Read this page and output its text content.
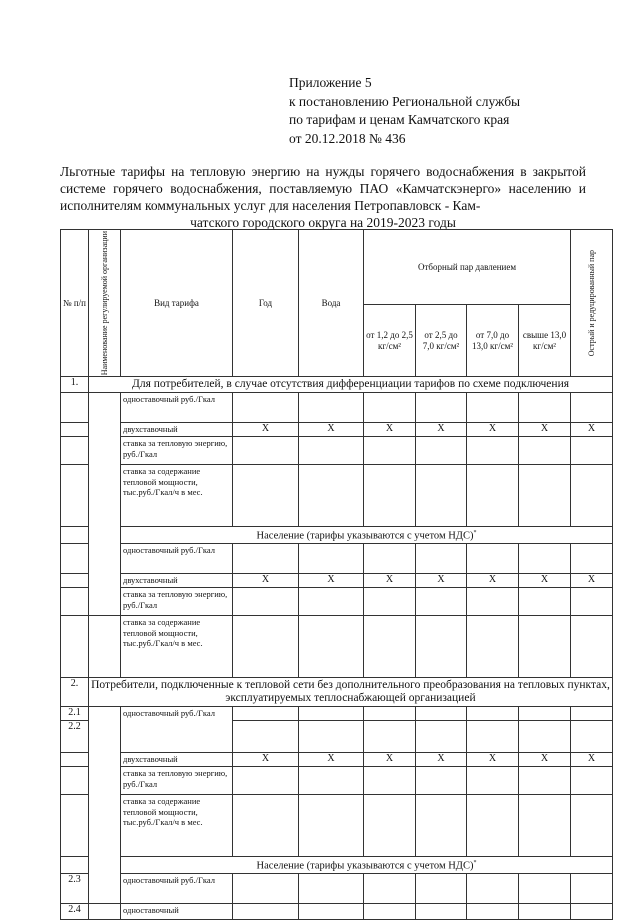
Приложение 5
к постановлению Региональной службы
по тарифам и ценам Камчатского края
от 20.12.2018 № 436
Льготные тарифы на тепловую энергию на нужды горячего водоснабжения в закрытой системе горячего водоснабжения, поставляемую ПАО «Камчатскэнерго» населению и исполнителям коммунальных услуг для населения Петропавловск - Кам-
чатского городского округа на 2019-2023 годы
№ п/п	Наименование регулируемой организации	Вид тарифа	Год	Вода	Отборный пар давлением				Острый и редуцированный пар

					от 1,2 до 2,5 кг/см²	от 2,5 до 7,0 кг/см²	от 7,0 до 13,0 кг/см²	свыше 13,0 кг/см²	
1.	Для потребителей, в случае отсутствия дифференциации тарифов по схеме подключения								
		одноставочный руб./Гкал							
		двухставочный	X	X	X	X	X	X	X
		ставка за тепловую энергию, руб./Гкал							
		ставка за содержание тепловой мощности, тыс.руб./Гкал/ч в мес.							
		Население (тарифы указываются с учетом НДС)*
		одноставочный руб./Гкал							
		двухставочный	X	X	X	X	X	X	X
		ставка за тепловую энергию, руб./Гкал							
		ставка за содержание тепловой мощности, тыс.руб./Гкал/ч в мес.							
2.	Потребители, подключенные к тепловой сети без дополнительного преобразования на тепловых пунктах, эксплуатируемых теплоснабжающей организацией								
2.1		одноставочный руб./Гкал							
2.2									
		двухставочный	X	X	X	X	X	X	X
		ставка за тепловую энергию, руб./Гкал							
		ставка за содержание тепловой мощности, тыс.руб./Гкал/ч в мес.							
		Население (тарифы указываются с учетом НДС)*
2.3		одноставочный руб./Гкал							
2.4		одноставочный							
